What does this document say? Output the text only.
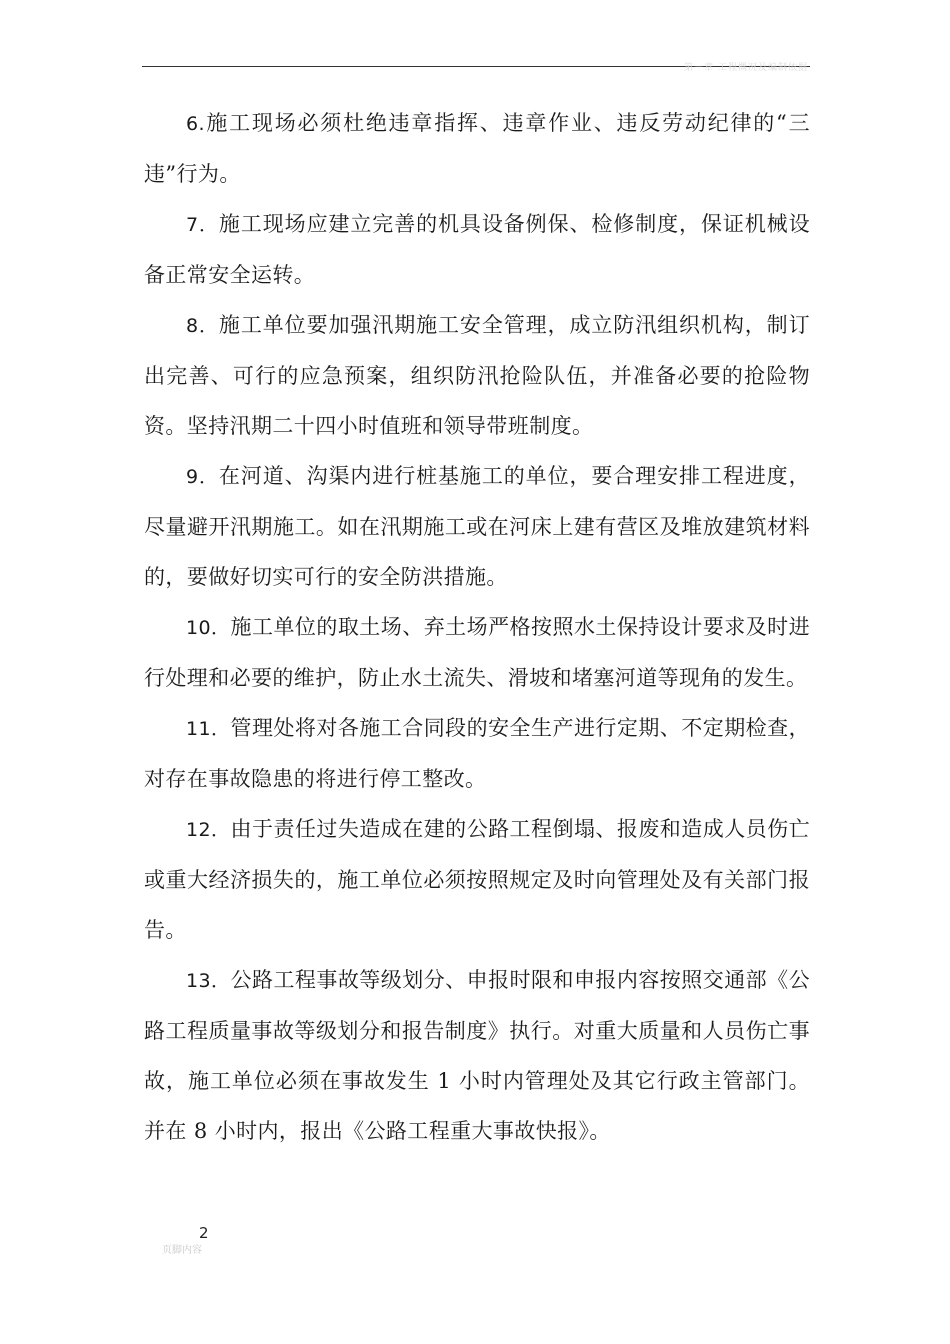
第一章 工程概况及编制依据

6.施工现场必须杜绝违章指挥、违章作业、违反劳动纪律的“三违”行为。

7．施工现场应建立完善的机具设备例保、检修制度，保证机械设备正常安全运转。

8．施工单位要加强汛期施工安全管理，成立防汛组织机构，制订出完善、可行的应急预案，组织防汛抢险队伍，并准备必要的抢险物资。坚持汛期二十四小时值班和领导带班制度。

9．在河道、沟渠内进行桩基施工的单位，要合理安排工程进度，尽量避开汛期施工。如在汛期施工或在河床上建有营区及堆放建筑材料的，要做好切实可行的安全防洪措施。

10．施工单位的取土场、弃土场严格按照水土保持设计要求及时进行处理和必要的维护，防止水土流失、滑坡和堵塞河道等现角的发生。

11．管理处将对各施工合同段的安全生产进行定期、不定期检查，对存在事故隐患的将进行停工整改。

12．由于责任过失造成在建的公路工程倒塌、报废和造成人员伤亡或重大经济损失的，施工单位必须按照规定及时向管理处及有关部门报告。

13．公路工程事故等级划分、申报时限和申报内容按照交通部《公路工程质量事故等级划分和报告制度》执行。对重大质量和人员伤亡事故，施工单位必须在事故发生 1 小时内管理处及其它行政主管部门。并在 8 小时内，报出《公路工程重大事故快报》。

页脚内容
2
